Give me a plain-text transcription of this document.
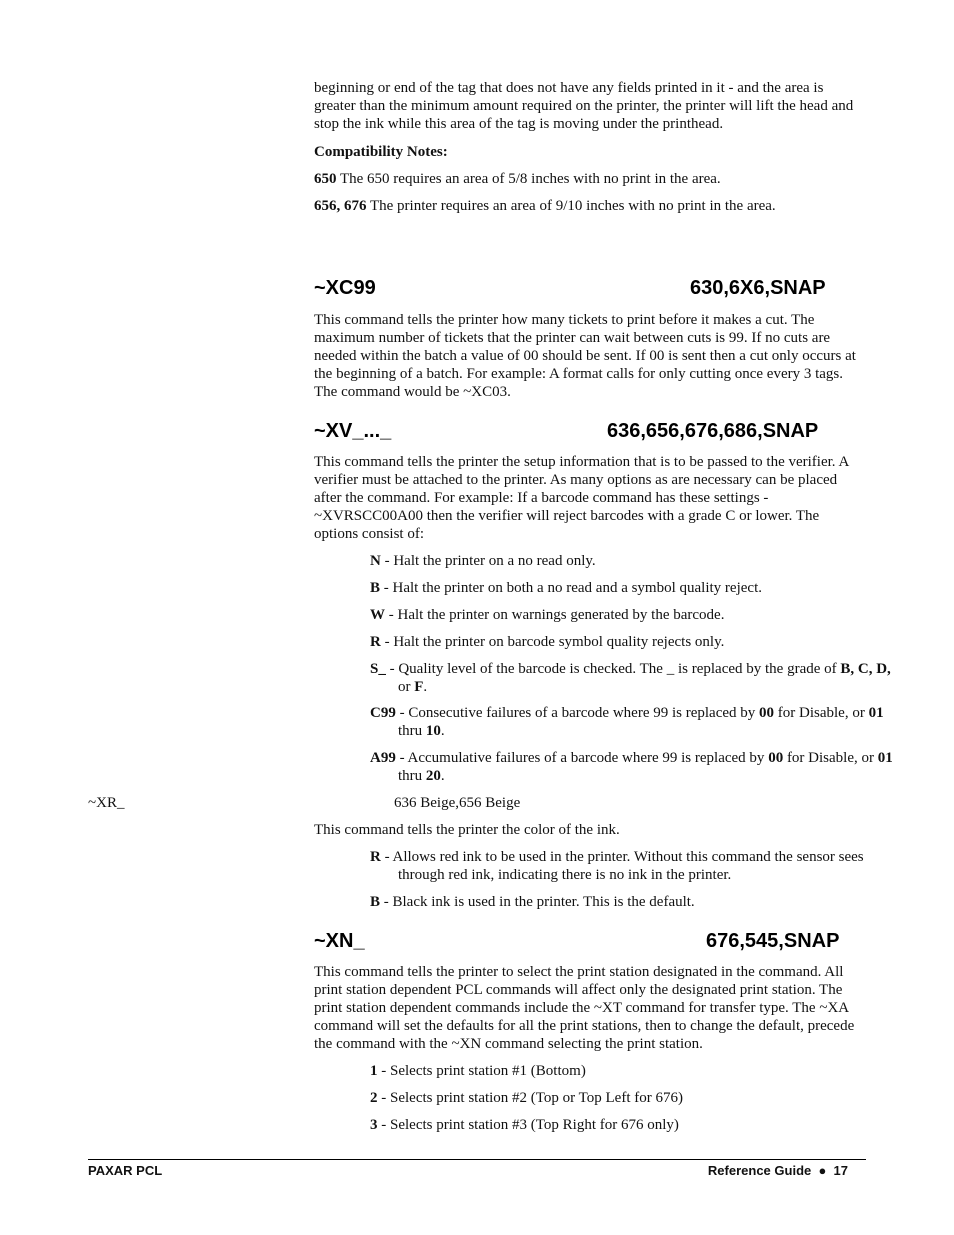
beginning or end of the tag that does not have any fields printed in it - and the area is greater than the minimum amount required on the printer, the printer will lift the head and stop the ink while this area of the tag is moving under the printhead.

Compatibility Notes:

650 The 650 requires an area of 5/8 inches with no print in the area.

656, 676 The printer requires an area of 9/10 inches with no print in the area.

~XC99	630,6X6,SNAP

This command tells the printer how many tickets to print before it makes a cut. The maximum number of tickets that the printer can wait between cuts is 99. If no cuts are needed within the batch a value of 00 should be sent. If 00 is sent then a cut only occurs at the beginning of a batch. For example: A format calls for only cutting once every 3 tags. The command would be ~XC03.

~XV_..._	636,656,676,686,SNAP

This command tells the printer the setup information that is to be passed to the verifier. A verifier must be attached to the printer. As many options as are necessary can be placed after the command. For example: If a barcode command has these settings - ~XVRSCC00A00 then the verifier will reject barcodes with a grade C or lower. The options consist of:

N - Halt the printer on a no read only.

B - Halt the printer on both a no read and a symbol quality reject.

W - Halt the printer on warnings generated by the barcode.

R - Halt the printer on barcode symbol quality rejects only.

S_ - Quality level of the barcode is checked. The _ is replaced by the grade of B, C, D, or F.

C99 - Consecutive failures of a barcode where 99 is replaced by 00 for Disable, or 01 thru 10.

A99 - Accumulative failures of a barcode where 99 is replaced by 00 for Disable, or 01 thru 20.

~XR_	636 Beige,656 Beige

This command tells the printer the color of the ink.

R - Allows red ink to be used in the printer. Without this command the sensor sees through red ink, indicating there is no ink in the printer.

B - Black ink is used in the printer. This is the default.

~XN_	676,545,SNAP

This command tells the printer to select the print station designated in the command. All print station dependent PCL commands will affect only the designated print station. The print station dependent commands include the ~XT command for transfer type. The ~XA command will set the defaults for all the print stations, then to change the default, precede the command with the ~XN command selecting the print station.

1 - Selects print station #1 (Bottom)

2 - Selects print station #2 (Top or Top Left for 676)

3 - Selects print station #3 (Top Right for 676 only)

PAXAR PCL	Reference Guide  ●  17
